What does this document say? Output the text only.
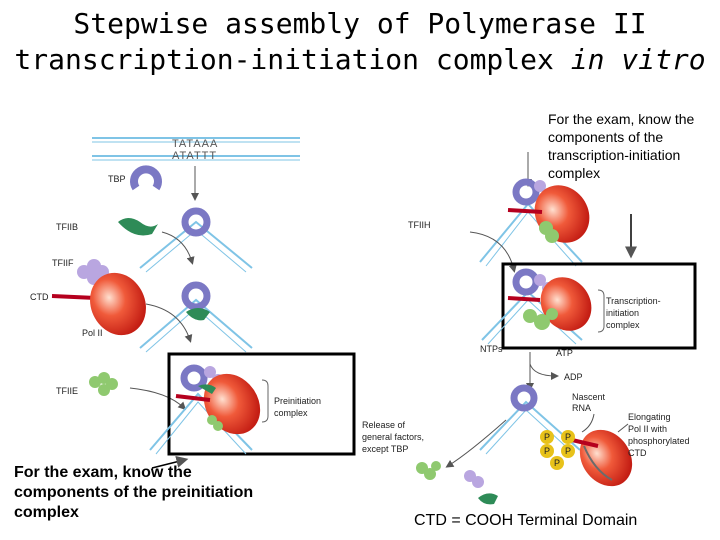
Stepwise assembly of Polymerase II
transcription-initiation complex in vitro
TATAAA
ATATTT
TBP
TFIIB
TFIIF
CTD
Pol II
TFIIE
Preinitiation
complex
TFIIH
Transcription-
initiation
complex
NTPs	ATP
ADP
Nascent
RNA
Release of
general factors,
except TBP
P P
P P
P
Elongating
Pol II with
phosphorylated
CTD
For the exam, know the components of the transcription-initiation complex
For the exam, know the components of the preinitiation complex	CTD = COOH Terminal Domain
